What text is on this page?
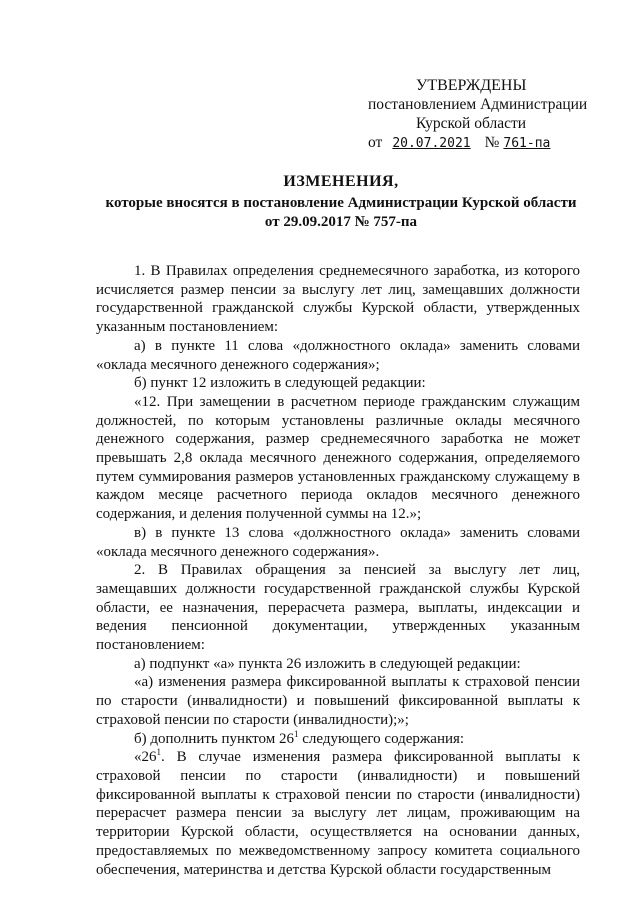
УТВЕРЖДЕНЫ
постановлением Администрации
Курской области
от 20.07.2021 № 761-па
ИЗМЕНЕНИЯ,
которые вносятся в постановление Администрации Курской области
от 29.09.2017 № 757-па

1. В Правилах определения среднемесячного заработка, из которого исчисляется размер пенсии за выслугу лет лиц, замещавших должности государственной гражданской службы Курской области, утвержденных указанным постановлением:

а) в пункте 11 слова «должностного оклада» заменить словами «оклада месячного денежного содержания»;

б) пункт 12 изложить в следующей редакции:

«12. При замещении в расчетном периоде гражданским служащим должностей, по которым установлены различные оклады месячного денежного содержания, размер среднемесячного заработка не может превышать 2,8 оклада месячного денежного содержания, определяемого путем суммирования размеров установленных гражданскому служащему в каждом месяце расчетного периода окладов месячного денежного содержания, и деления полученной суммы на 12.»;

в) в пункте 13 слова «должностного оклада» заменить словами «оклада месячного денежного содержания».

2. В Правилах обращения за пенсией за выслугу лет лиц, замещавших должности государственной гражданской службы Курской области, ее назначения, перерасчета размера, выплаты, индексации и ведения пенсионной документации, утвержденных указанным постановлением:

а) подпункт «а» пункта 26 изложить в следующей редакции:

«а) изменения размера фиксированной выплаты к страховой пенсии по старости (инвалидности) и повышений фиксированной выплаты к страховой пенсии по старости (инвалидности);»;

б) дополнить пунктом $26^1$ следующего содержания:

«$26^1$. В случае изменения размера фиксированной выплаты к страховой пенсии по старости (инвалидности) и повышений фиксированной выплаты к страховой пенсии по старости (инвалидности) перерасчет размера пенсии за выслугу лет лицам, проживающим на территории Курской области, осуществляется на основании данных, предоставляемых по межведомственному запросу комитета социального обеспечения, материнства и детства Курской области государственным
